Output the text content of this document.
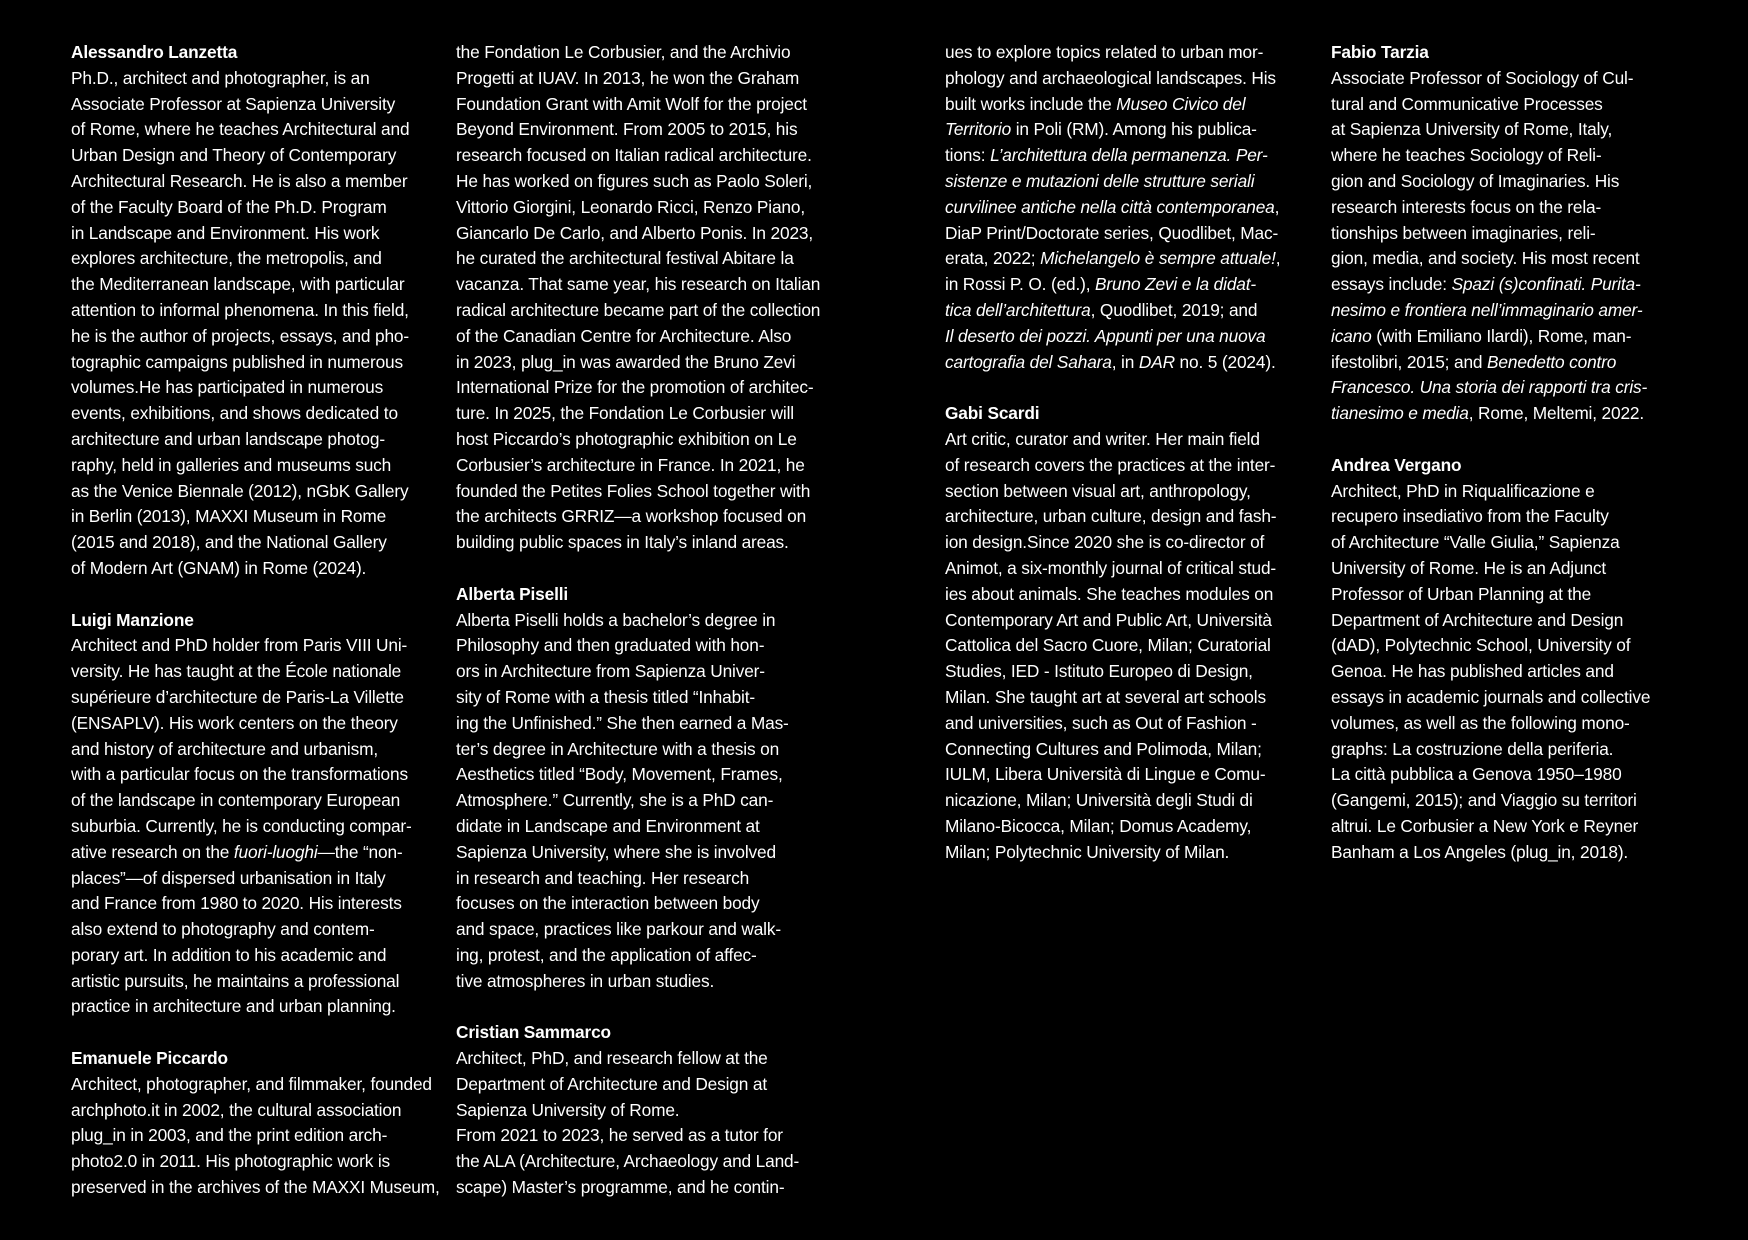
Alessandro Lanzetta
Ph.D., architect and photographer, is an
Associate Professor at Sapienza University
of Rome, where he teaches Architectural and
Urban Design and Theory of Contemporary
Architectural Research. He is also a member
of the Faculty Board of the Ph.D. Program
in Landscape and Environment. His work
explores architecture, the metropolis, and
the Mediterranean landscape, with particular
attention to informal phenomena. In this field,
he is the author of projects, essays, and pho-
tographic campaigns published in numerous
volumes.He has participated in numerous
events, exhibitions, and shows dedicated to
architecture and urban landscape photog-
raphy, held in galleries and museums such
as the Venice Biennale (2012), nGbK Gallery
in Berlin (2013), MAXXI Museum in Rome
(2015 and 2018), and the National Gallery
of Modern Art (GNAM) in Rome (2024).
Luigi Manzione
Architect and PhD holder from Paris VIII Uni-
versity. He has taught at the École nationale
supérieure d’architecture de Paris-La Villette
(ENSAPLV). His work centers on the theory
and history of architecture and urbanism,
with a particular focus on the transformations
of the landscape in contemporary European
suburbia. Currently, he is conducting compar-
ative research on the fuori-luoghi—the “non-
places”—of dispersed urbanisation in Italy
and France from 1980 to 2020. His interests
also extend to photography and contem-
porary art. In addition to his academic and
artistic pursuits, he maintains a professional
practice in architecture and urban planning.
Emanuele Piccardo
Architect, photographer, and filmmaker, founded
archphoto.it in 2002, the cultural association
plug_in in 2003, and the print edition arch-
photo2.0 in 2011. His photographic work is
preserved in the archives of the MAXXI Museum,
the Fondation Le Corbusier, and the Archivio
Progetti at IUAV. In 2013, he won the Graham
Foundation Grant with Amit Wolf for the project
Beyond Environment. From 2005 to 2015, his
research focused on Italian radical architecture.
He has worked on figures such as Paolo Soleri,
Vittorio Giorgini, Leonardo Ricci, Renzo Piano,
Giancarlo De Carlo, and Alberto Ponis. In 2023,
he curated the architectural festival Abitare la
vacanza. That same year, his research on Italian
radical architecture became part of the collection
of the Canadian Centre for Architecture. Also
in 2023, plug_in was awarded the Bruno Zevi
International Prize for the promotion of architec-
ture. In 2025, the Fondation Le Corbusier will
host Piccardo’s photographic exhibition on Le
Corbusier’s architecture in France. In 2021, he
founded the Petites Folies School together with
the architects GRRIZ—a workshop focused on
building public spaces in Italy’s inland areas.
Alberta Piselli
Alberta Piselli holds a bachelor’s degree in
Philosophy and then graduated with hon-
ors in Architecture from Sapienza Univer-
sity of Rome with a thesis titled “Inhabit-
ing the Unfinished.” She then earned a Mas-
ter’s degree in Architecture with a thesis on
Aesthetics titled “Body, Movement, Frames,
Atmosphere.” Currently, she is a PhD can-
didate in Landscape and Environment at
Sapienza University, where she is involved
in research and teaching. Her research
focuses on the interaction between body
and space, practices like parkour and walk-
ing, protest, and the application of affec-
tive atmospheres in urban studies.
Cristian Sammarco
Architect, PhD, and research fellow at the
Department of Architecture and Design at
Sapienza University of Rome.
From 2021 to 2023, he served as a tutor for
the ALA (Architecture, Archaeology and Land-
scape) Master’s programme, and he contin-
ues to explore topics related to urban mor-
phology and archaeological landscapes. His
built works include the Museo Civico del
Territorio in Poli (RM). Among his publica-
tions: L’architettura della permanenza. Per-
sistenze e mutazioni delle strutture seriali
curvilinee antiche nella città contemporanea,
DiaP Print/Doctorate series, Quodlibet, Mac-
erata, 2022; Michelangelo è sempre attuale!,
in Rossi P. O. (ed.), Bruno Zevi e la didat-
tica dell’architettura, Quodlibet, 2019; and
Il deserto dei pozzi. Appunti per una nuova
cartografia del Sahara, in DAR no. 5 (2024).
Gabi Scardi
Art critic, curator and writer. Her main field
of research covers the practices at the inter-
section between visual art, anthropology,
architecture, urban culture, design and fash-
ion design.Since 2020 she is co-director of
Animot, a six-monthly journal of critical stud-
ies about animals. She teaches modules on
Contemporary Art and Public Art, Università
Cattolica del Sacro Cuore, Milan; Curatorial
Studies, IED - Istituto Europeo di Design,
Milan. She taught art at several art schools
and universities, such as Out of Fashion -
Connecting Cultures and Polimoda, Milan;
IULM, Libera Università di Lingue e Comu-
nicazione, Milan; Università degli Studi di
Milano-Bicocca, Milan; Domus Academy,
Milan; Polytechnic University of Milan.
Fabio Tarzia
Associate Professor of Sociology of Cul-
tural and Communicative Processes
at Sapienza University of Rome, Italy,
where he teaches Sociology of Reli-
gion and Sociology of Imaginaries. His
research interests focus on the rela-
tionships between imaginaries, reli-
gion, media, and society. His most recent
essays include: Spazi (s)confinati. Purita-
nesimo e frontiera nell’immaginario amer-
icano (with Emiliano Ilardi), Rome, man-
ifestolibri, 2015; and Benedetto contro
Francesco. Una storia dei rapporti tra cris-
tianesimo e media, Rome, Meltemi, 2022.
Andrea Vergano
Architect, PhD in Riqualificazione e
recupero insediativo from the Faculty
of Architecture “Valle Giulia,” Sapienza
University of Rome. He is an Adjunct
Professor of Urban Planning at the
Department of Architecture and Design
(dAD), Polytechnic School, University of
Genoa. He has published articles and
essays in academic journals and collective
volumes, as well as the following mono-
graphs: La costruzione della periferia.
La città pubblica a Genova 1950–1980
(Gangemi, 2015); and Viaggio su territori
altrui. Le Corbusier a New York e Reyner
Banham a Los Angeles (plug_in, 2018).
